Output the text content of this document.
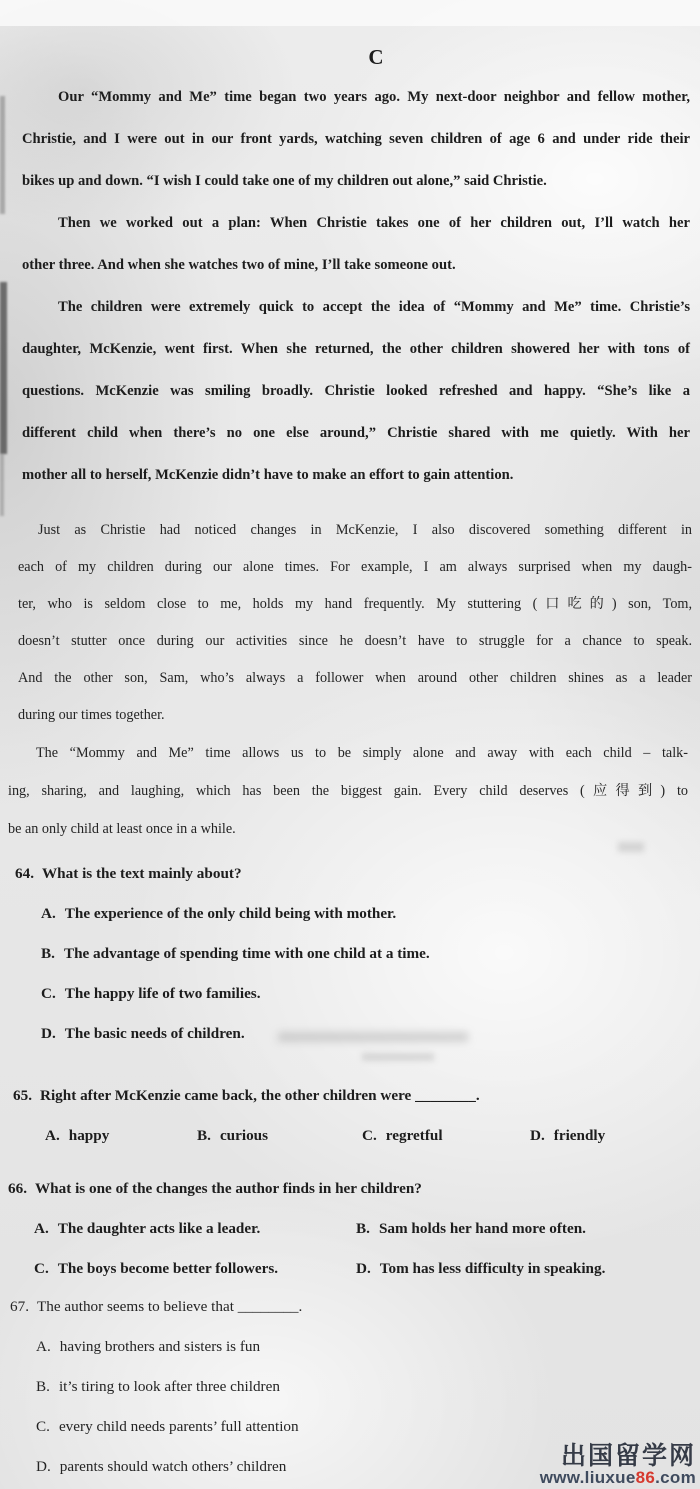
C
Our “Mommy and Me” time began two years ago. My next-door neighbor and fellow mother,
Christie, and I were out in our front yards, watching seven children of age 6 and under ride their
bikes up and down. “I wish I could take one of my children out alone,” said Christie.
Then we worked out a plan: When Christie takes one of her children out, I’ll watch her
other three. And when she watches two of mine, I’ll take someone out.
The children were extremely quick to accept the idea of “Mommy and Me” time. Christie’s
daughter, McKenzie, went first. When she returned, the other children showered her with tons of
questions. McKenzie was smiling broadly. Christie looked refreshed and happy. “She’s like a
different child when there’s no one else around,” Christie shared with me quietly. With her
mother all to herself, McKenzie didn’t have to make an effort to gain attention.
Just as Christie had noticed changes in McKenzie, I also discovered something different in
each of my children during our alone times. For example, I am always surprised when my daugh-
ter, who is seldom close to me, holds my hand frequently. My stuttering (口吃的) son, Tom,
doesn’t stutter once during our activities since he doesn’t have to struggle for a chance to speak.
And the other son, Sam, who’s always a follower when around other children shines as a leader
during our times together.
The “Mommy and Me” time allows us to be simply alone and away with each child – talk-
ing, sharing, and laughing, which has been the biggest gain. Every child deserves (应得到) to
be an only child at least once in a while.
64. What is the text mainly about?
A. The experience of the only child being with mother.
B. The advantage of spending time with one child at a time.
C. The happy life of two families.
D. The basic needs of children.
65. Right after McKenzie came back, the other children were ________.
A. happy	B. curious	C. regretful	D. friendly
66. What is one of the changes the author finds in her children?
A. The daughter acts like a leader.	B. Sam holds her hand more often.
C. The boys become better followers.	D. Tom has less difficulty in speaking.
67. The author seems to believe that ________.
A. having brothers and sisters is fun
B. it’s tiring to look after three children
C. every child needs parents’ full attention
D. parents should watch others’ children	出国留学网
www.liuxue86.com
